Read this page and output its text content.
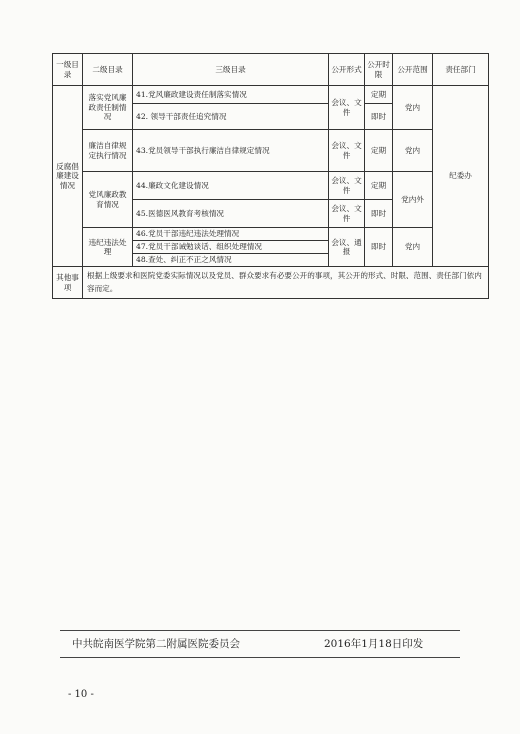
一级目录	二级目录	三级目录	公开形式	公开时限	公开范围	责任部门
反腐倡廉建设情况	落实党风廉政责任制情况	41.党风廉政建设责任制落实情况	会议、文件	定期	党内	纪委办
		42. 领导干部责任追究情况		即时		
	廉洁自律规定执行情况	43.党员领导干部执行廉洁自律规定情况	会议、文件	定期	党内	
	党风廉政教育情况	44.廉政文化建设情况	会议、文件	定期	党内外	
		45.医德医风教育考核情况	会议、文件	即时		
	违纪违法处理	46.党员干部违纪违法处理情况	会议、通报	即时	党内	
		47.党员干部诫勉谈话、组织处理情况				
		48.查处、纠正不正之风情况				
其他事项	根据上级要求和医院党委实际情况以及党员、群众要求有必要公开的事项，其公开的形式、时限、范围、责任部门依内容而定。					
中共皖南医学院第二附属医院委员会	2016年1月18日印发
- 10 -
